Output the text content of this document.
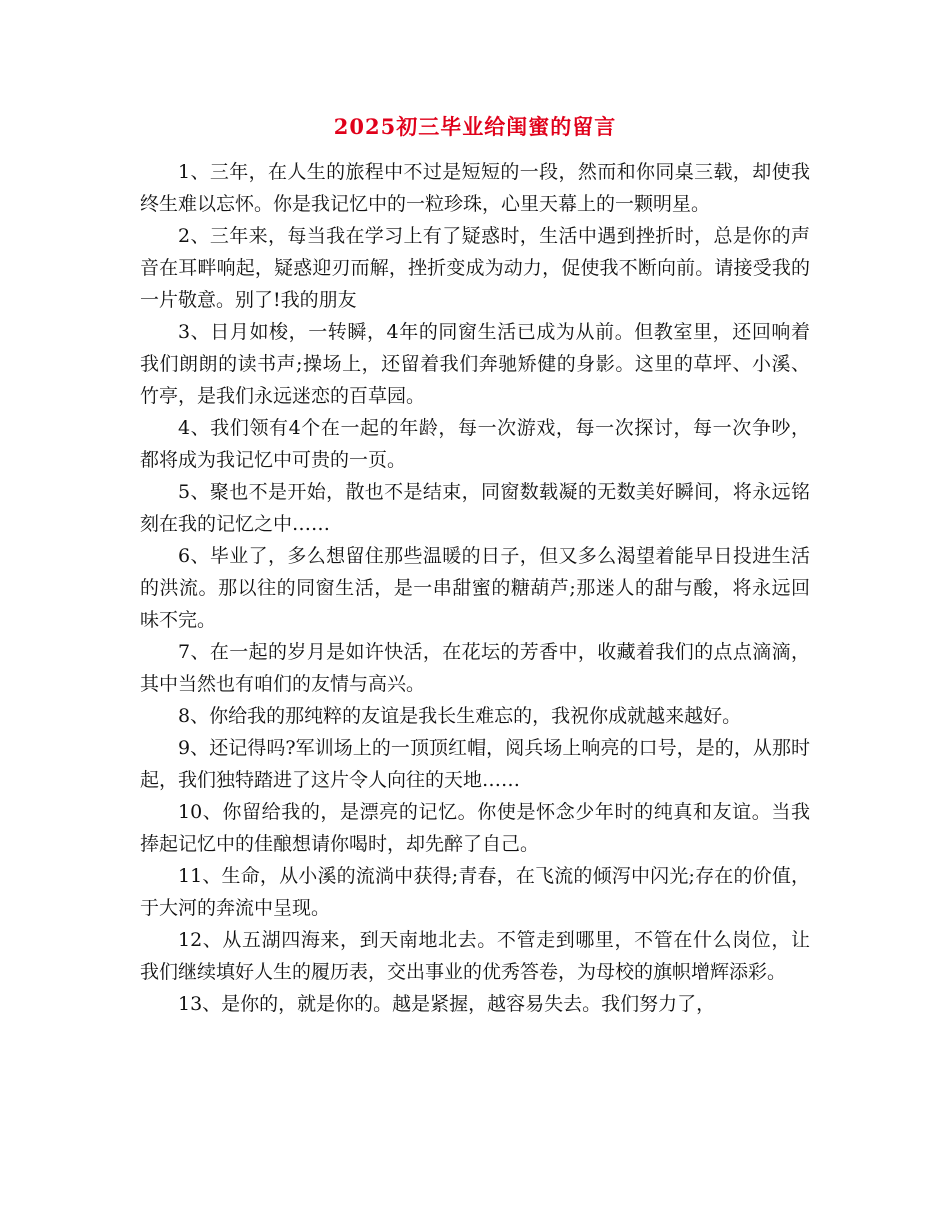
2025初三毕业给闺蜜的留言

1、三年，在人生的旅程中不过是短短的一段，然而和你同桌三载，却使我终生难以忘怀。你是我记忆中的一粒珍珠，心里天幕上的一颗明星。

2、三年来，每当我在学习上有了疑惑时，生活中遇到挫折时，总是你的声音在耳畔响起，疑惑迎刃而解，挫折变成为动力，促使我不断向前。请接受我的一片敬意。别了!我的朋友

3、日月如梭，一转瞬，4年的同窗生活已成为从前。但教室里，还回响着我们朗朗的读书声;操场上，还留着我们奔驰矫健的身影。这里的草坪、小溪、竹亭，是我们永远迷恋的百草园。

4、我们领有4个在一起的年龄，每一次游戏，每一次探讨，每一次争吵，都将成为我记忆中可贵的一页。

5、聚也不是开始，散也不是结束，同窗数载凝的无数美好瞬间，将永远铭刻在我的记忆之中……

6、毕业了，多么想留住那些温暖的日子，但又多么渴望着能早日投进生活的洪流。那以往的同窗生活，是一串甜蜜的糖葫芦;那迷人的甜与酸，将永远回味不完。

7、在一起的岁月是如许快活，在花坛的芳香中，收藏着我们的点点滴滴，其中当然也有咱们的友情与高兴。

8、你给我的那纯粹的友谊是我长生难忘的，我祝你成就越来越好。

9、还记得吗?军训场上的一顶顶红帽，阅兵场上响亮的口号，是的，从那时起，我们独特踏进了这片令人向往的天地……

10、你留给我的，是漂亮的记忆。你使是怀念少年时的纯真和友谊。当我捧起记忆中的佳酿想请你喝时，却先醉了自己。

11、生命，从小溪的流淌中获得;青春，在飞流的倾泻中闪光;存在的价值，于大河的奔流中呈现。

12、从五湖四海来，到天南地北去。不管走到哪里，不管在什么岗位，让我们继续填好人生的履历表，交出事业的优秀答卷，为母校的旗帜增辉添彩。

13、是你的，就是你的。越是紧握，越容易失去。我们努力了，
